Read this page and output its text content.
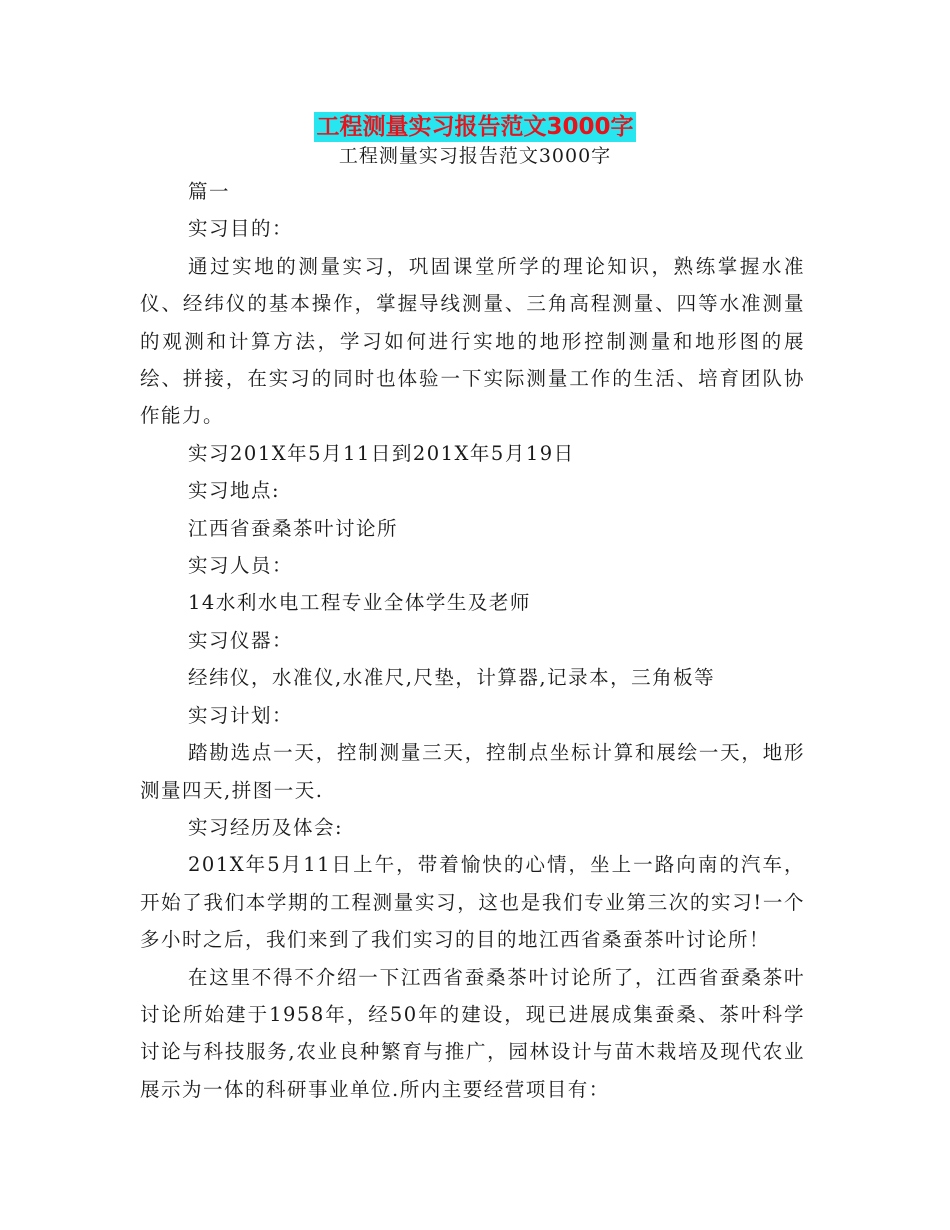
工程测量实习报告范文3000字
工程测量实习报告范文3000字

篇一

实习目的：

通过实地的测量实习，巩固课堂所学的理论知识，熟练掌握水准仪、经纬仪的基本操作，掌握导线测量、三角高程测量、四等水准测量的观测和计算方法，学习如何进行实地的地形控制测量和地形图的展绘、拼接，在实习的同时也体验一下实际测量工作的生活、培育团队协作能力。

实习201X年5月11日到201X年5月19日

实习地点:

江西省蚕桑茶叶讨论所

实习人员：

14水利水电工程专业全体学生及老师

实习仪器：

经纬仪，水准仪,水准尺,尺垫，计算器,记录本，三角板等

实习计划：

踏勘选点一天，控制测量三天，控制点坐标计算和展绘一天，地形测量四天,拼图一天.

实习经历及体会:

201X年5月11日上午，带着愉快的心情，坐上一路向南的汽车，开始了我们本学期的工程测量实习，这也是我们专业第三次的实习!一个多小时之后，我们来到了我们实习的目的地江西省桑蚕茶叶讨论所！

在这里不得不介绍一下江西省蚕桑茶叶讨论所了，江西省蚕桑茶叶讨论所始建于1958年，经50年的建设，现已进展成集蚕桑、茶叶科学讨论与科技服务,农业良种繁育与推广，园林设计与苗木栽培及现代农业展示为一体的科研事业单位.所内主要经营项目有：
